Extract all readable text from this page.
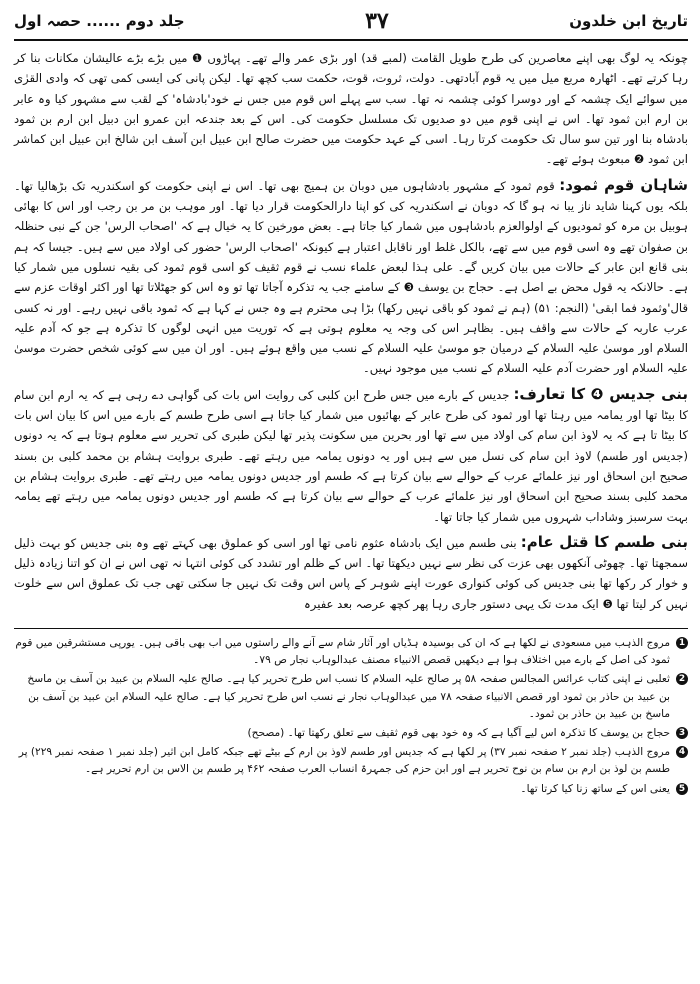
تاریخ ابن خلدون
۳۷
جلد دوم ...... حصہ اول

چونکہ یہ لوگ بھی اپنے معاصرین کی طرح طویل القامت (لمبے قد) اور بڑی عمر والے تھے۔ پہاڑوں ❶ میں بڑے بڑے عالیشان مکانات بنا کر رہا کرتے تھے۔ اٹھارہ مربع میل میں یہ قوم آبادتھی۔ دولت، ثروت، قوت، حکمت سب کچھ تھا۔ لیکن پانی کی ایسی کمی تھی کہ وادی القرٰی میں سوائے ایک چشمہ کے اور دوسرا کوئی چشمہ نہ تھا۔ سب سے پہلے اس قوم میں جس نے خود'بادشاہ' کے لقب سے مشہور کیا وہ عابر بن ارم ابن ثمود تھا۔ اس نے اپنی قوم میں دو صدیوں تک مسلسل حکومت کی۔ اس کے بعد جندعہ ابن عمرو ابن دبیل ابن ارم بن ثمود بادشاہ بنا اور تین سو سال تک حکومت کرتا رہا۔ اسی کے عہد حکومت میں حضرت صالح ابن عبیل ابن آسف ابن شالخ ابن عبیل ابن کماشر ابن ثمود ❷ مبعوث ہوئے تھے۔

شاہان قوم ثمود: قوم ثمود کے مشہور بادشاہوں میں دوبان بن ہمیج بھی تھا۔ اس نے اپنی حکومت کو اسکندریہ تک بڑھالیا تھا۔ بلکہ یوں کہنا شاید ناز یبا نہ ہو گا کہ دوبان نے اسکندریہ کی کو اپنا دارالحکومت قرار دیا تھا۔ اور موہب بن مر بن رجب اور اس کا بھائی ہوبیل بن مرہ کو ثمودیوں کے اولوالعزم بادشاہوں میں شمار کیا جاتا ہے۔ بعض مورخین کا یہ خیال ہے کہ 'اصحاب الرس' جن کے نبی حنظلہ بن صفوان تھے وہ اسی قوم میں سے تھے، بالکل غلط اور ناقابل اعتبار ہے کیونکہ 'اصحاب الرس' حضور کی اولاد میں سے ہیں۔ جیسا کہ ہم بنی قانع ابن عابر کے حالات میں بیان کریں گے۔ علی ہذا لبعض علماء نسب نے قوم ثقیف کو اسی قوم ثمود کی بقیہ نسلوں میں شمار کیا ہے۔ حالانکہ یہ قول محض بے اصل ہے۔ حجاج بن یوسف ❸ کے سامنے جب یہ تذکرہ آجاتا تھا تو وہ اس کو جھٹلاتا تھا اور اکثر اوقات عزم سے قال'وثمود فما ابقی' (النجم: ۵۱) (ہم نے ثمود کو باقی نہیں رکھا) بڑا ہی محترم ہے وہ جس نے کہا ہے کہ ثمود باقی نہیں رہے۔ اور نہ کسی عرب عاربہ کے حالات سے واقف ہیں۔ بظاہر اس کی وجہ یہ معلوم ہوتی ہے کہ توریت میں انہی لوگوں کا تذکرہ ہے جو کہ آدم علیہ السلام اور موسیٰ علیہ السلام کے درمیان جو موسیٰ علیہ السلام کے نسب میں واقع ہوئے ہیں۔ اور ان میں سے کوئی شخص حضرت موسیٰ علیہ السلام اور حضرت آدم علیہ السلام کے نسب میں موجود نہیں۔

بنی جدیس ❹ کا تعارف: جدیس کے بارے میں جس طرح ابن کلبی کی روایت اس بات کی گواہی دے رہی ہے کہ یہ ارم ابن سام کا بیٹا تھا اور یمامہ میں رہتا تھا اور ثمود کی طرح عابر کے بھائیوں میں شمار کیا جاتا ہے اسی طرح طسم کے بارے میں اس کا بیان اس بات کا بیٹا تا ہے کہ یہ لاوذ ابن سام کی اولاد میں سے تھا اور بحرین میں سکونت پذیر تھا لیکن طبری کی تحریر سے معلوم ہوتا ہے کہ یہ دونوں (جدیس اور طسم) لاوذ ابن سام کی نسل میں سے ہیں اور یہ دونوں یمامہ میں رہتے تھے۔ طبری بروایت ہشام بن محمد کلبی بن بسند صحیح ابن اسحاق اور نیز علمائے عرب کے حوالے سے بیان کرتا ہے کہ طسم اور جدیس دونوں یمامہ میں رہتے تھے۔ طبری بروایت ہشام بن محمد کلبی بسند صحیح ابن اسحاق اور نیز علمائے عرب کے حوالے سے بیان کرتا ہے کہ طسم اور جدیس دونوں یمامہ میں رہتے تھے یمامہ بہت سرسبز وشاداب شہروں میں شمار کیا جاتا تھا۔

بنی طسم کا قتل عام: بنی طسم میں ایک بادشاہ عثوم نامی تھا اور اسی کو عملوق بھی کہتے تھے وہ بنی جدیس کو بہت ذلیل سمجھتا تھا۔ چھوٹی آنکھوں بھی عزت کی نظر سے نہیں دیکھتا تھا۔ اس کے ظلم اور تشدد کی کوئی انتہا نہ تھی اس نے ان کو اتنا زیادہ ذلیل و خوار کر رکھا تھا بنی جدیس کی کوئی کنواری عورت اپنے شوہر کے پاس اس وقت تک نہیں جا سکتی تھی جب تک عملوق اس سے خلوت نہیں کر لیتا تھا ❺ ایک مدت تک یہی دستور جاری رہا پھر کچھ عرصہ بعد عفیرہ

1
مروج الذہب میں مسعودی نے لکھا ہے کہ ان کی بوسیدہ ہڈیاں اور آثار شام سے آنے والے راستوں میں اب بھی باقی ہیں۔ یورپی مستشرقین میں قوم ثمود کی اصل کے بارے میں اختلاف ہوا ہے دیکھیں قصص الانبیاء مصنف عبدالوہاب نجار ص ۷۹۔
2
ثعلبی نے اپنی کتاب عرائس المجالس صفحہ ۵۸ پر صالح علیہ السلام کا نسب اس طرح تحریر کیا ہے۔ صالح علیہ السلام بن عبید بن آسف بن ماسخ بن عبید بن حاذر بن ثمود اور قصص الانبیاء صفحہ ۷۸ میں عبدالوہاب نجار نے نسب اس طرح تحریر کیا ہے۔ صالح علیہ السلام ابن عبید بن آسف بن ماسخ بن عبید بن حاذر بن ثمود۔
3
حجاج بن یوسف کا تذکرہ اس لیے آگیا ہے کہ وہ خود بھی قوم ثقیف سے تعلق رکھتا تھا۔ (مصحح)
4
مروج الذہب (جلد نمبر ۲ صفحہ نمبر ۳۷) پر لکھا ہے کہ جدیس اور طسم لاوذ بن ارم کے بیٹے تھے جبکہ کامل ابن اثیر (جلد نمبر ۱ صفحہ نمبر ۲۲۹) پر طسم بن لوذ بن ارم بن سام بن نوح تحریر ہے اور ابن حزم کی جمہرۃ انساب العرب صفحہ ۴۶۲ پر طسم بن الاس بن ارم تحریر ہے۔
5
یعنی اس کے ساتھ زنا کیا کرتا تھا۔
